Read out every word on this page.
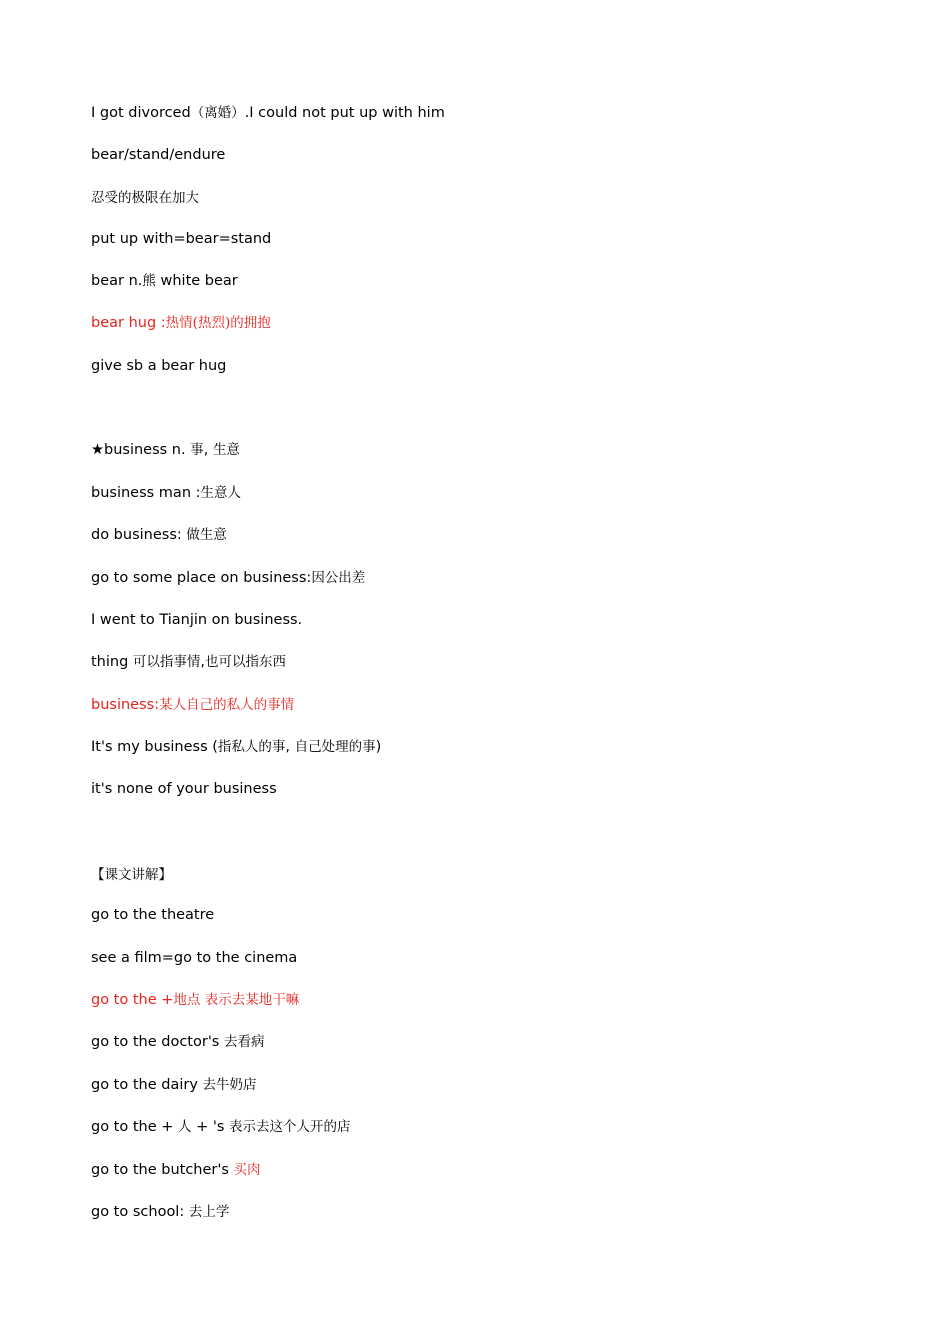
I got divorced（离婚）.I could not put up with him
bear/stand/endure
忍受的极限在加大
put up with=bear=stand
bear n.熊 white bear
bear hug :热情(热烈)的拥抱
give sb a bear hug
★business n. 事, 生意
business man :生意人
do business: 做生意
go to some place on business:因公出差
I went to Tianjin on business.
thing 可以指事情,也可以指东西
business:某人自己的私人的事情
It's my business (指私人的事, 自己处理的事)
it's none of your business
【课文讲解】
go to the theatre
see a film=go to the cinema
go to the +地点 表示去某地干嘛
go to the doctor's 去看病
go to the dairy 去牛奶店
go to the + 人 + 's 表示去这个人开的店
go to the butcher's 买肉
go to school: 去上学
